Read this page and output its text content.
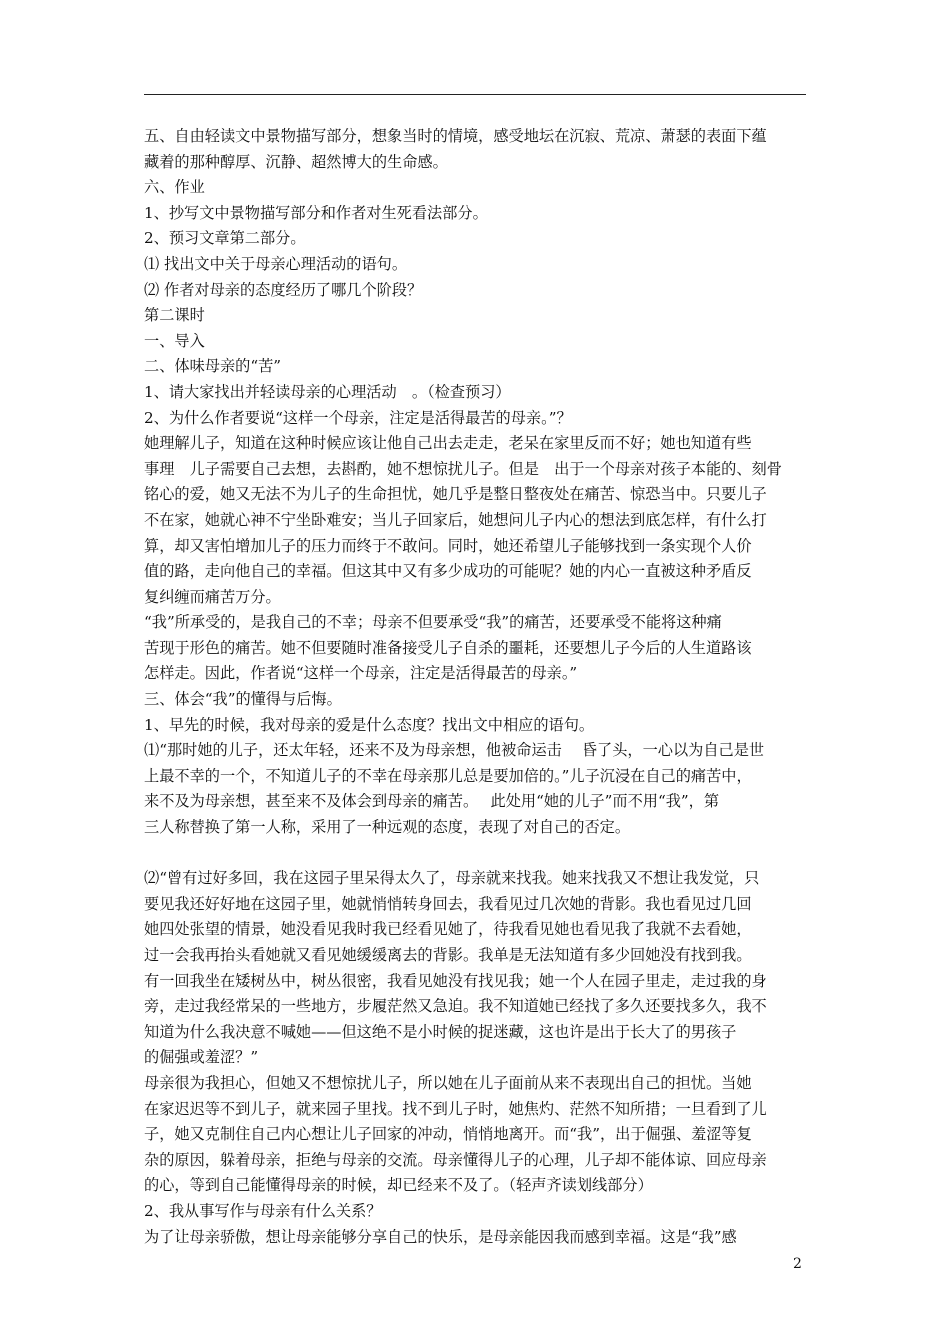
五、自由轻读文中景物描写部分，想象当时的情境，感受地坛在沉寂、荒凉、萧瑟的表面下蕴
藏着的那种醇厚、沉静、超然博大的生命感。
六、作业
1、抄写文中景物描写部分和作者对生死看法部分。
2、预习文章第二部分。
⑴ 找出文中关于母亲心理活动的语句。
⑵ 作者对母亲的态度经历了哪几个阶段？
第二课时
一、导入
二、体味母亲的“苦”
1、请大家找出并轻读母亲的心理活动　。（检查预习）
2、为什么作者要说“这样一个母亲，注定是活得最苦的母亲。”？
她理解儿子，知道在这种时候应该让他自己出去走走，老呆在家里反而不好；她也知道有些
事理　儿子需要自己去想，去斟酌，她不想惊扰儿子。但是　出于一个母亲对孩子本能的、刻骨
铭心的爱，她又无法不为儿子的生命担忧，她几乎是整日整夜处在痛苦、惊恐当中。只要儿子
不在家，她就心神不宁坐卧难安；当儿子回家后，她想问儿子内心的想法到底怎样，有什么打
算，却又害怕增加儿子的压力而终于不敢问。同时，她还希望儿子能够找到一条实现个人价
值的路，走向他自己的幸福。但这其中又有多少成功的可能呢？她的内心一直被这种矛盾反
复纠缠而痛苦万分。
“我”所承受的，是我自己的不幸；母亲不但要承受“我”的痛苦，还要承受不能将这种痛
苦现于形色的痛苦。她不但要随时准备接受儿子自杀的噩耗，还要想儿子今后的人生道路该
怎样走。因此，作者说“这样一个母亲，注定是活得最苦的母亲。”
三、体会“我”的懂得与后悔。
1、早先的时候，我对母亲的爱是什么态度？找出文中相应的语句。
⑴“那时她的儿子，还太年轻，还来不及为母亲想，他被命运击　 昏了头，一心以为自己是世
上最不幸的一个，不知道儿子的不幸在母亲那儿总是要加倍的。”儿子沉浸在自己的痛苦中，
来不及为母亲想，甚至来不及体会到母亲的痛苦。　 此处用“她的儿子”而不用“我”，第
三人称替换了第一人称，采用了一种远观的态度，表现了对自己的否定。
⑵“曾有过好多回，我在这园子里呆得太久了，母亲就来找我。她来找我又不想让我发觉，只
要见我还好好地在这园子里，她就悄悄转身回去，我看见过几次她的背影。我也看见过几回
她四处张望的情景，她没看见我时我已经看见她了，待我看见她也看见我了我就不去看她，
过一会我再抬头看她就又看见她缓缓离去的背影。我单是无法知道有多少回她没有找到我。
有一回我坐在矮树丛中，树丛很密，我看见她没有找见我；她一个人在园子里走，走过我的身
旁，走过我经常呆的一些地方，步履茫然又急迫。我不知道她已经找了多久还要找多久，我不
知道为什么我决意不喊她——但这绝不是小时候的捉迷藏，这也许是出于长大了的男孩子
的倔强或羞涩？”
母亲很为我担心，但她又不想惊扰儿子，所以她在儿子面前从来不表现出自己的担忧。当她
在家迟迟等不到儿子，就来园子里找。找不到儿子时，她焦灼、茫然不知所措；一旦看到了儿
子，她又克制住自己内心想让儿子回家的冲动，悄悄地离开。而“我”，出于倔强、羞涩等复
杂的原因，躲着母亲，拒绝与母亲的交流。母亲懂得儿子的心理，儿子却不能体谅、回应母亲
的心，等到自己能懂得母亲的时候，却已经来不及了。（轻声齐读划线部分）
2、我从事写作与母亲有什么关系？
为了让母亲骄傲，想让母亲能够分享自己的快乐，是母亲能因我而感到幸福。这是“我”感
2
